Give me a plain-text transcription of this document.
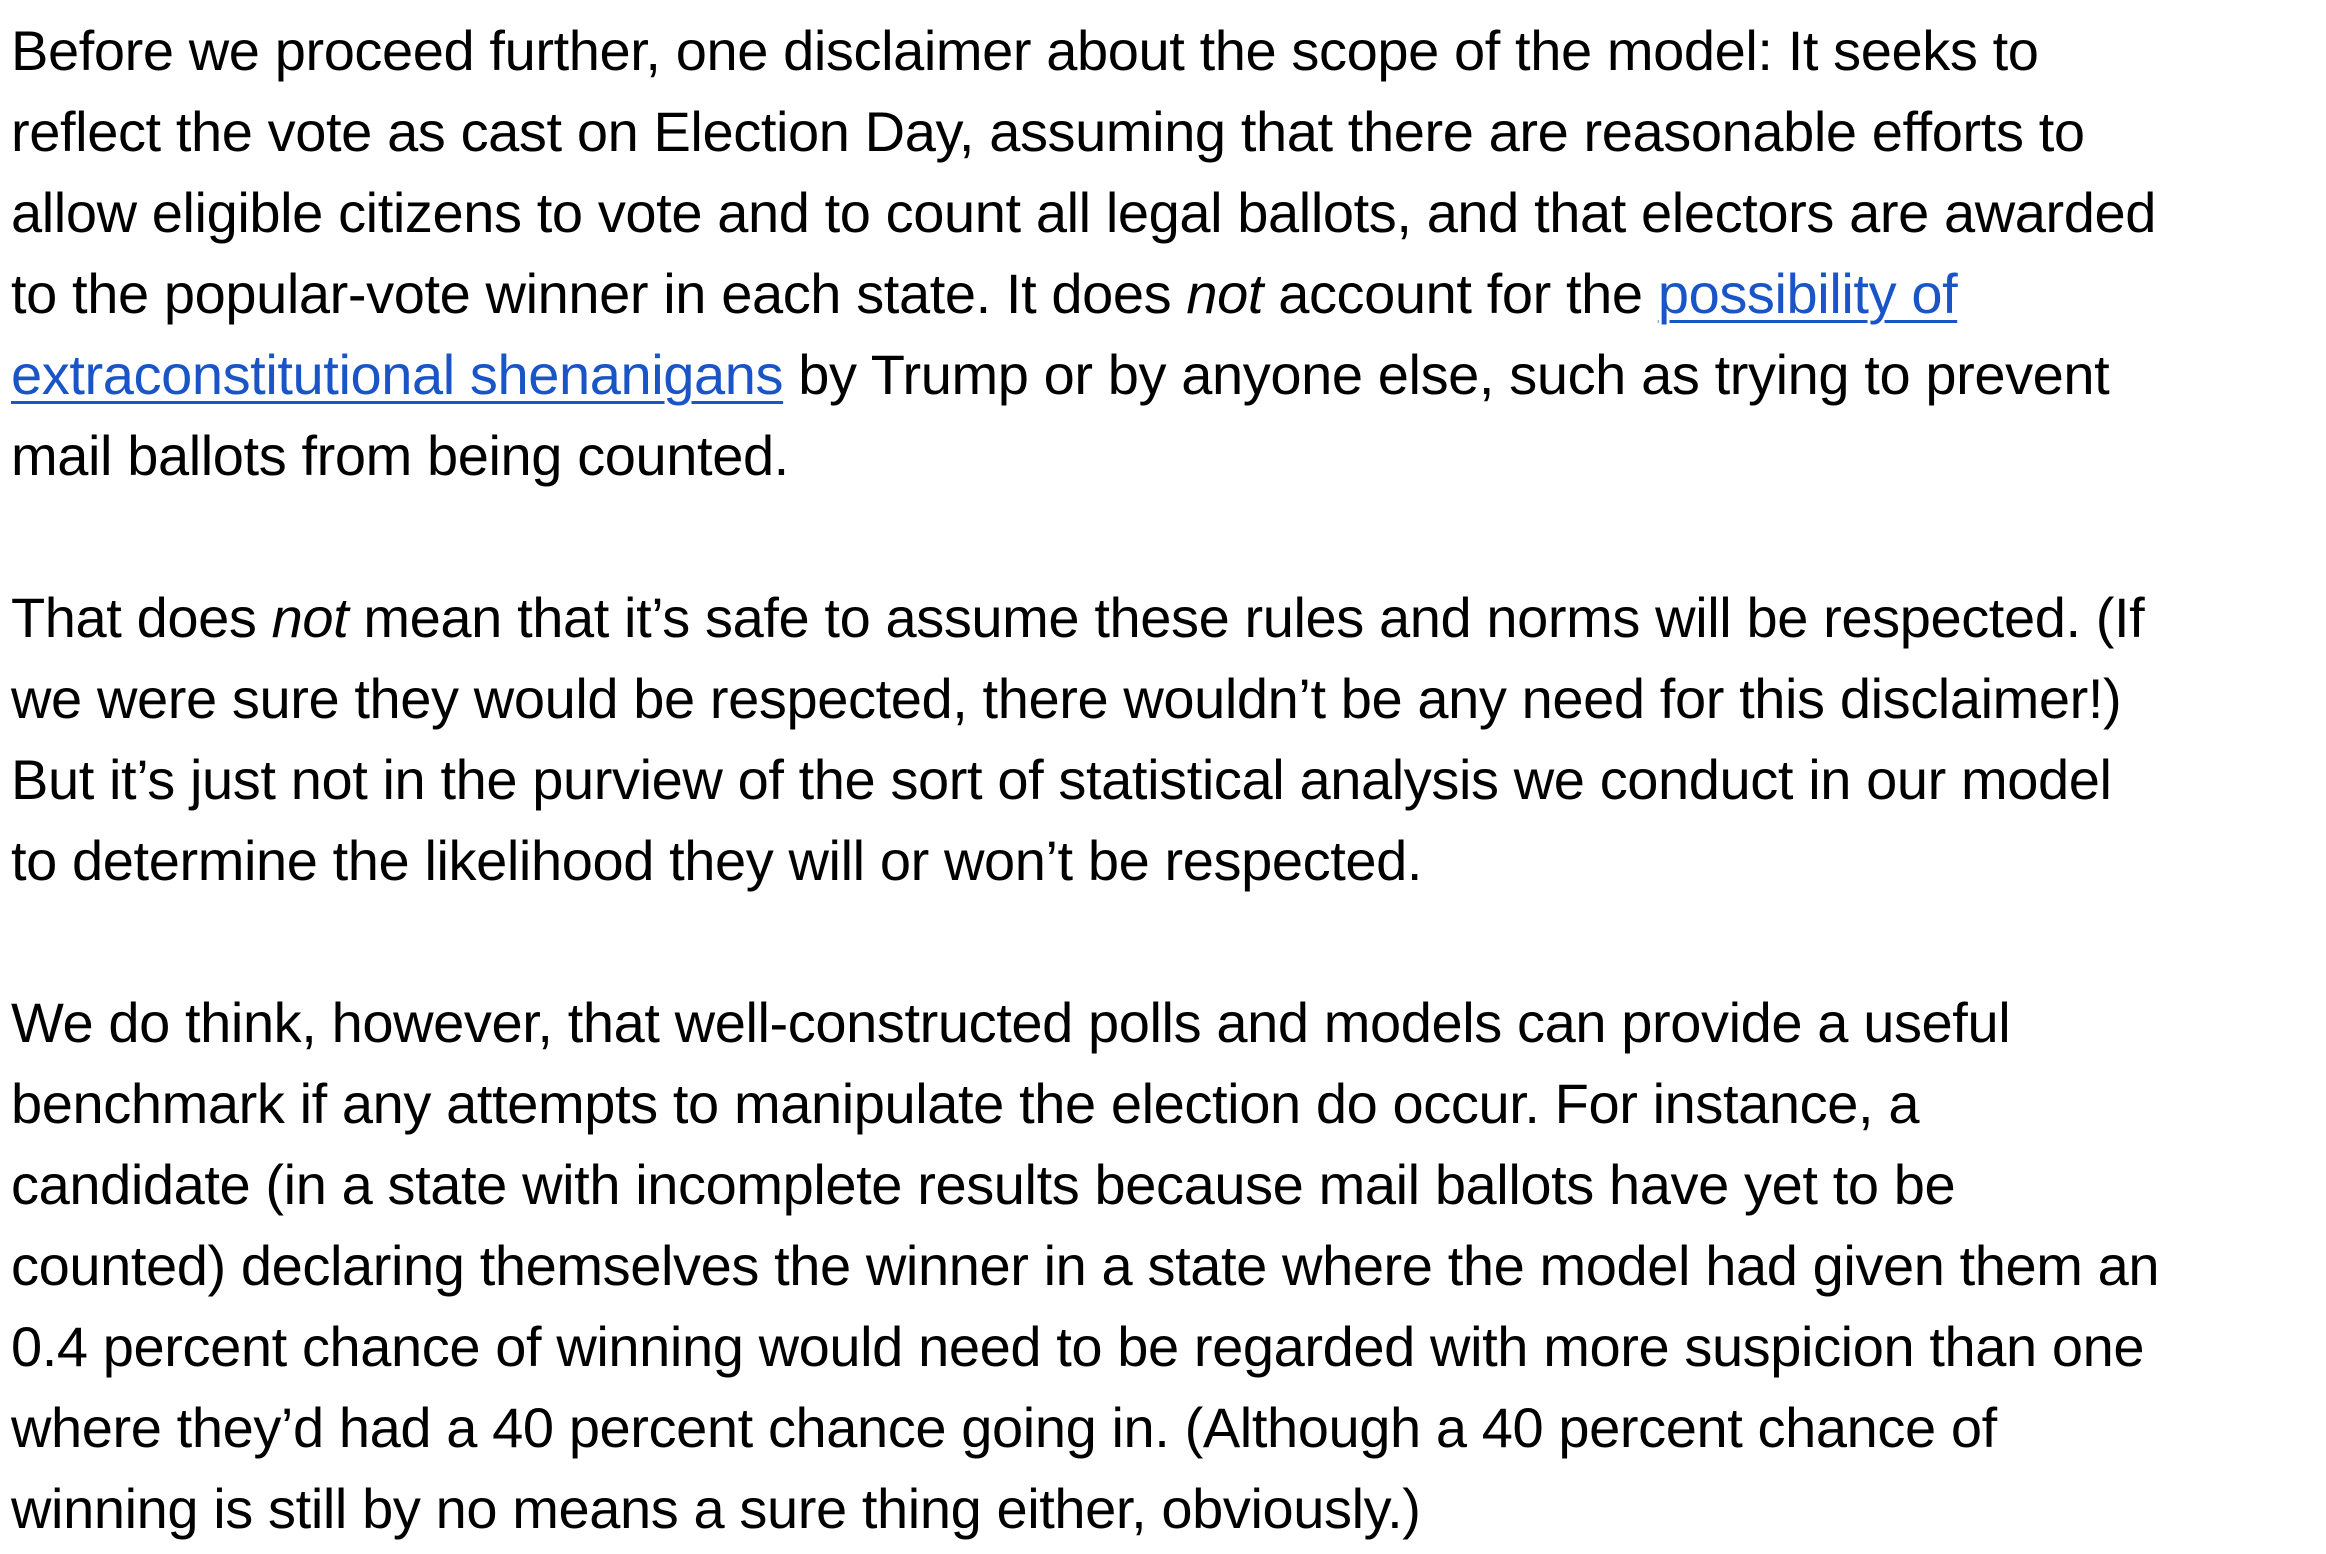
Before we proceed further, one disclaimer about the scope of the model: It seeks to
reflect the vote as cast on Election Day, assuming that there are reasonable efforts to
allow eligible citizens to vote and to count all legal ballots, and that electors are awarded
to the popular-vote winner in each state. It does not account for the possibility of
extraconstitutional shenanigans by Trump or by anyone else, such as trying to prevent
mail ballots from being counted.

That does not mean that it’s safe to assume these rules and norms will be respected. (If
we were sure they would be respected, there wouldn’t be any need for this disclaimer!)
But it’s just not in the purview of the sort of statistical analysis we conduct in our model
to determine the likelihood they will or won’t be respected.

We do think, however, that well-constructed polls and models can provide a useful
benchmark if any attempts to manipulate the election do occur. For instance, a
candidate (in a state with incomplete results because mail ballots have yet to be
counted) declaring themselves the winner in a state where the model had given them an
0.4 percent chance of winning would need to be regarded with more suspicion than one
where they’d had a 40 percent chance going in. (Although a 40 percent chance of
winning is still by no means a sure thing either, obviously.)
